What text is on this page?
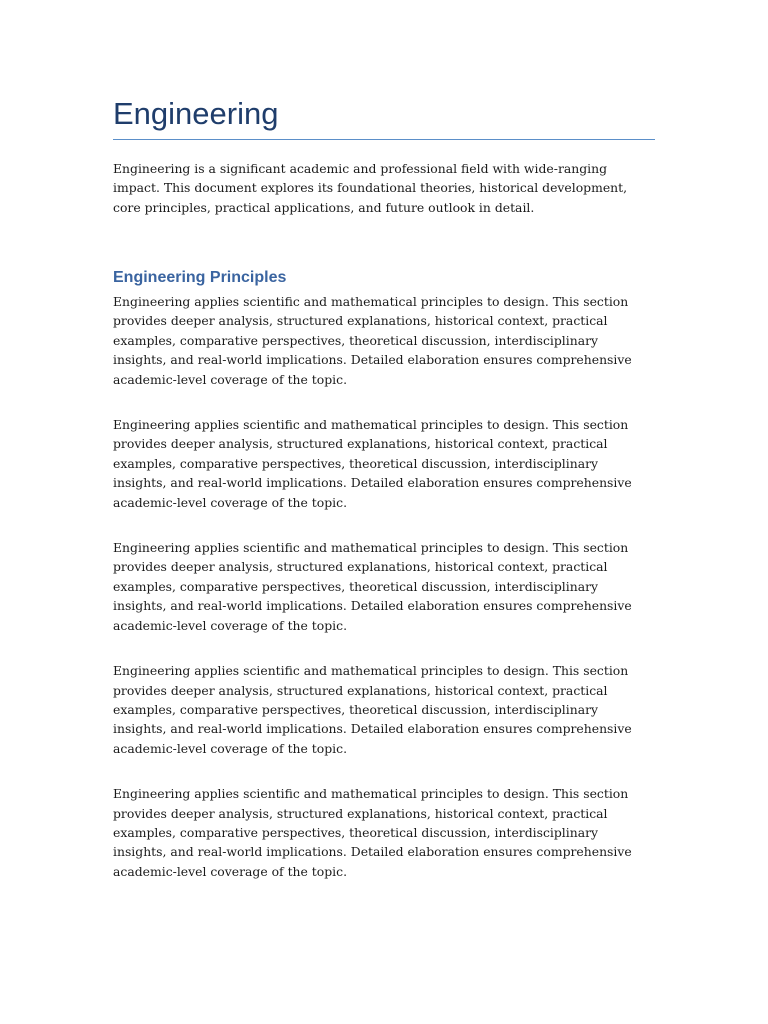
Engineering

Engineering is a significant academic and professional field with wide-ranging impact. This document explores its foundational theories, historical development, core principles, practical applications, and future outlook in detail.

Engineering Principles

Engineering applies scientific and mathematical principles to design. This section provides deeper analysis, structured explanations, historical context, practical examples, comparative perspectives, theoretical discussion, interdisciplinary insights, and real-world implications. Detailed elaboration ensures comprehensive academic-level coverage of the topic.

Engineering applies scientific and mathematical principles to design. This section provides deeper analysis, structured explanations, historical context, practical examples, comparative perspectives, theoretical discussion, interdisciplinary insights, and real-world implications. Detailed elaboration ensures comprehensive academic-level coverage of the topic.

Engineering applies scientific and mathematical principles to design. This section provides deeper analysis, structured explanations, historical context, practical examples, comparative perspectives, theoretical discussion, interdisciplinary insights, and real-world implications. Detailed elaboration ensures comprehensive academic-level coverage of the topic.

Engineering applies scientific and mathematical principles to design. This section provides deeper analysis, structured explanations, historical context, practical examples, comparative perspectives, theoretical discussion, interdisciplinary insights, and real-world implications. Detailed elaboration ensures comprehensive academic-level coverage of the topic.

Engineering applies scientific and mathematical principles to design. This section provides deeper analysis, structured explanations, historical context, practical examples, comparative perspectives, theoretical discussion, interdisciplinary insights, and real-world implications. Detailed elaboration ensures comprehensive academic-level coverage of the topic.
